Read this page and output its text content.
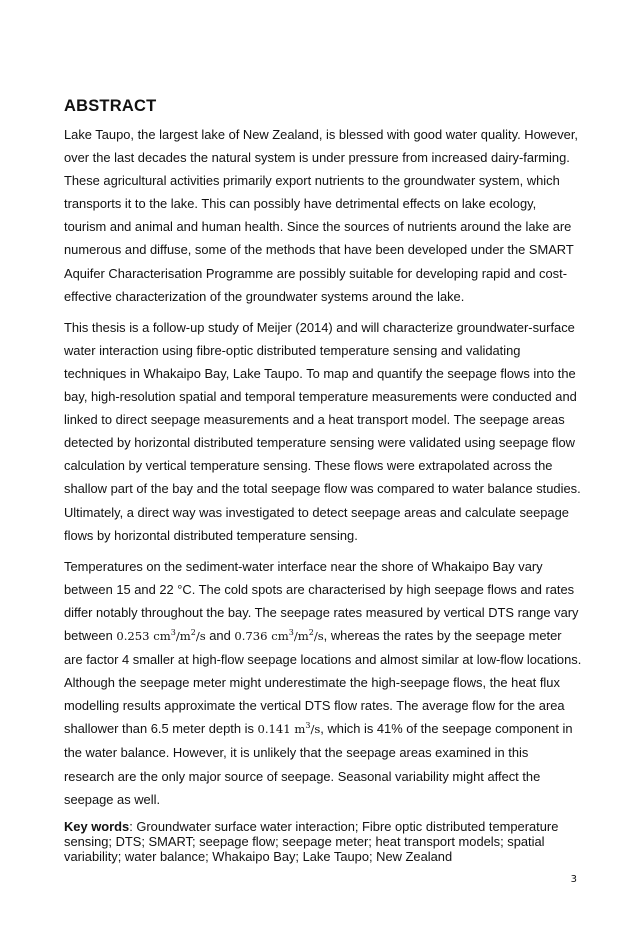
ABSTRACT

Lake Taupo, the largest lake of New Zealand, is blessed with good water quality. However, over the last decades the natural system is under pressure from increased dairy-farming. These agricultural activities primarily export nutrients to the groundwater system, which transports it to the lake. This can possibly have detrimental effects on lake ecology, tourism and animal and human health. Since the sources of nutrients around the lake are numerous and diffuse, some of the methods that have been developed under the SMART Aquifer Characterisation Programme are possibly suitable for developing rapid and cost-effective characterization of the groundwater systems around the lake.

This thesis is a follow-up study of Meijer (2014) and will characterize groundwater-surface water interaction using fibre-optic distributed temperature sensing and validating techniques in Whakaipo Bay, Lake Taupo. To map and quantify the seepage flows into the bay, high-resolution spatial and temporal temperature measurements were conducted and linked to direct seepage measurements and a heat transport model. The seepage areas detected by horizontal distributed temperature sensing were validated using seepage flow calculation by vertical temperature sensing. These flows were extrapolated across the shallow part of the bay and the total seepage flow was compared to water balance studies. Ultimately, a direct way was investigated to detect seepage areas and calculate seepage flows by horizontal distributed temperature sensing.

Temperatures on the sediment-water interface near the shore of Whakaipo Bay vary between 15 and 22 °C. The cold spots are characterised by high seepage flows and rates differ notably throughout the bay. The seepage rates measured by vertical DTS range vary between 0.253 $cm^3/m^2/s$ and 0.736 $cm^3/m^2/s$, whereas the rates by the seepage meter are factor 4 smaller at high-flow seepage locations and almost similar at low-flow locations. Although the seepage meter might underestimate the high-seepage flows, the heat flux modelling results approximate the vertical DTS flow rates. The average flow for the area shallower than 6.5 meter depth is 0.141 $m^3/s$, which is 41% of the seepage component in the water balance. However, it is unlikely that the seepage areas examined in this research are the only major source of seepage. Seasonal variability might affect the seepage as well.

Key words: Groundwater surface water interaction; Fibre optic distributed temperature sensing; DTS; SMART; seepage flow; seepage meter; heat transport models; spatial variability; water balance; Whakaipo Bay; Lake Taupo; New Zealand

3
